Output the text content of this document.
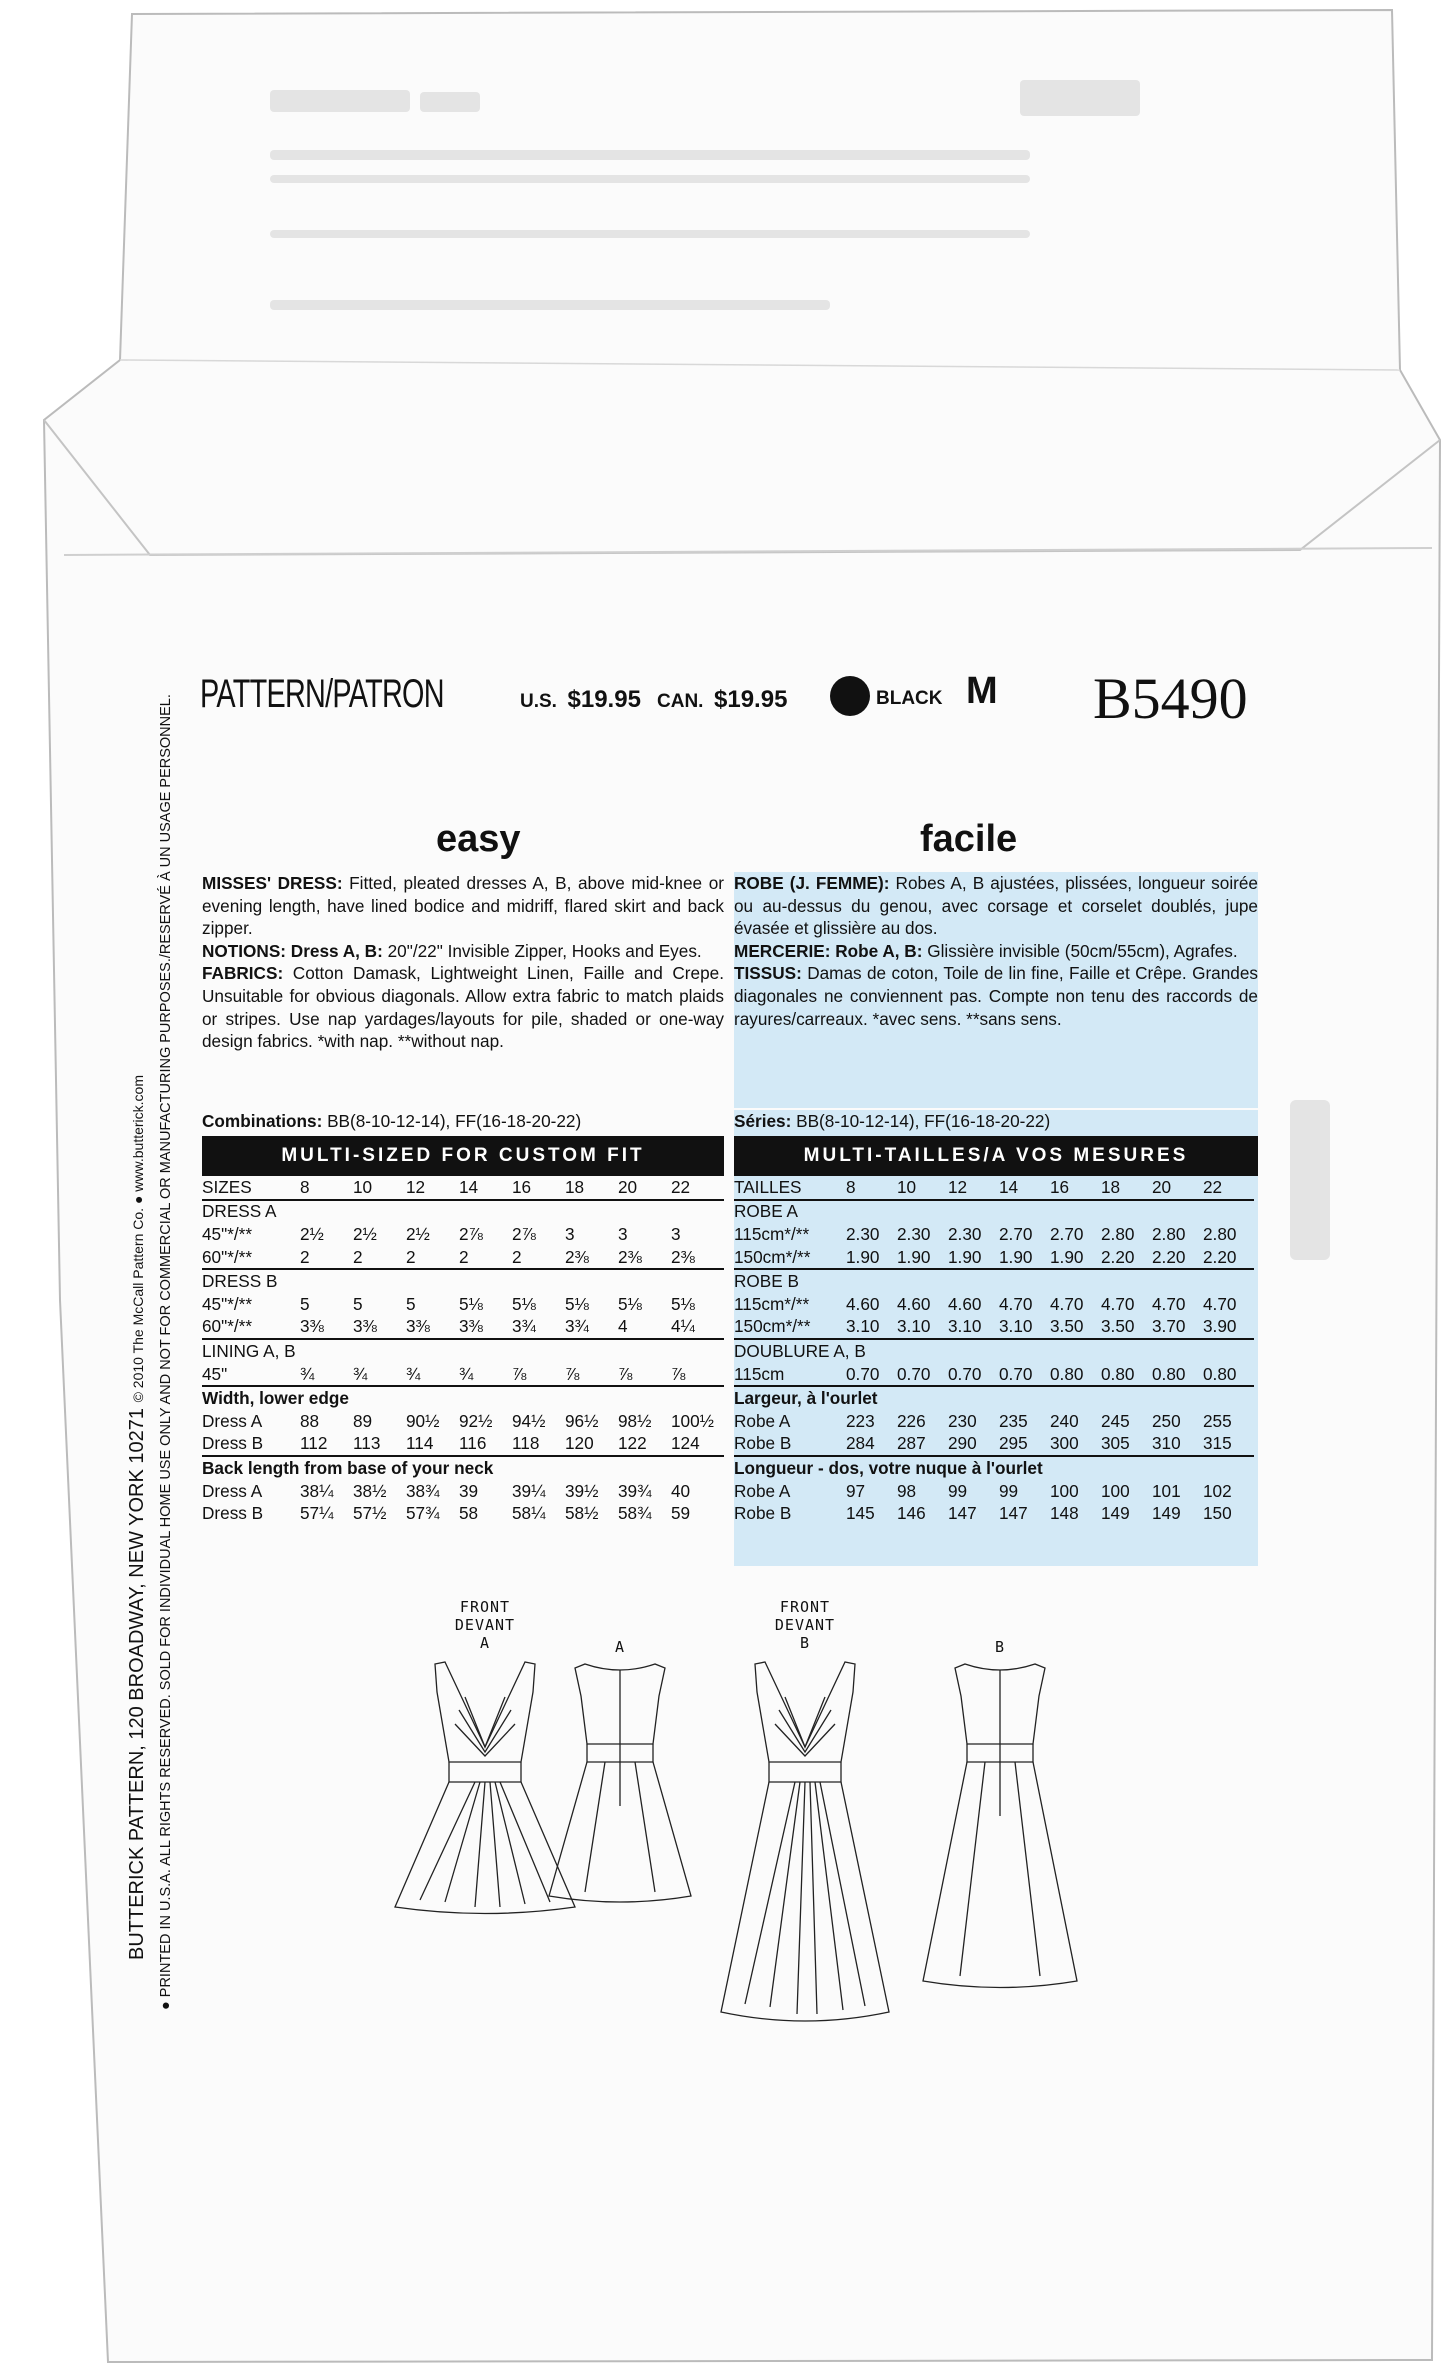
PATTERN/PATRON	U.S. $19.95 CAN. $19.95	BLACK M B5490
BUTTERICK PATTERN, 120 BROADWAY, NEW YORK 10271 © 2010 The McCall Pattern Co. ● www.butterick.com ● PRINTED IN U.S.A. ALL RIGHTS RESERVED. SOLD FOR INDIVIDUAL HOME USE ONLY AND NOT FOR COMMERCIAL OR MANUFACTURING PURPOSES./RESERVÉ À UN USAGE PERSONNEL.	easy	facile

MISSES' DRESS: Fitted, pleated dresses A, B, above mid-knee or evening length, have lined bodice and midriff, flared skirt and back zipper.

NOTIONS: Dress A, B: 20"/22" Invisible Zipper, Hooks and Eyes.

FABRICS: Cotton Damask, Lightweight Linen, Faille and Crepe. Unsuitable for obvious diagonals. Allow extra fabric to match plaids or stripes. Use nap yardages/layouts for pile, shaded or one-way design fabrics. *with nap. **without nap.

ROBE (J. FEMME): Robes A, B ajustées, plissées, longueur soirée ou au-dessus du genou, avec corsage et corselet doublés, jupe évasée et glissière au dos.

MERCERIE: Robe A, B: Glissière invisible (50cm/55cm), Agrafes.

TISSUS: Damas de coton, Toile de lin fine, Faille et Crêpe. Grandes diagonales ne conviennent pas. Compte non tenu des raccords de rayures/carreaux. *avec sens. **sans sens.

Combinations: BB(8-10-12-14), FF(16-18-20-22)
MULTI-SIZED FOR CUSTOM FIT
SIZES	8	10	12	14	16	18	20	22
DRESS A								
45"*/**	2½	2½	2½	2⅞	2⅞	3	3	3
60"*/**	2	2	2	2	2	2⅜	2⅜	2⅜
DRESS B								
45"*/**	5	5	5	5⅛	5⅛	5⅛	5⅛	5⅛
60"*/**	3⅜	3⅜	3⅜	3⅜	3¾	3¾	4	4¼
LINING A, B								
45"	¾	¾	¾	¾	⅞	⅞	⅞	⅞
Width, lower edge								
Dress A	88	89	90½	92½	94½	96½	98½	100½
Dress B	112	113	114	116	118	120	122	124
Back length from base of your neck								
Dress A	38¼	38½	38¾	39	39¼	39½	39¾	40
Dress B	57¼	57½	57¾	58	58¼	58½	58¾	59
Séries: BB(8-10-12-14), FF(16-18-20-22)
MULTI-TAILLES/A VOS MESURES
TAILLES	8	10	12	14	16	18	20	22
ROBE A								
115cm*/**	2.30	2.30	2.30	2.70	2.70	2.80	2.80	2.80
150cm*/**	1.90	1.90	1.90	1.90	1.90	2.20	2.20	2.20
ROBE B								
115cm*/**	4.60	4.60	4.60	4.70	4.70	4.70	4.70	4.70
150cm*/**	3.10	3.10	3.10	3.10	3.50	3.50	3.70	3.90
DOUBLURE A, B								
115cm	0.70	0.70	0.70	0.70	0.80	0.80	0.80	0.80
Largeur, à l'ourlet								
Robe A	223	226	230	235	240	245	250	255
Robe B	284	287	290	295	300	305	310	315
Longueur - dos, votre nuque à l'ourlet								
Robe A	97	98	99	99	100	100	101	102
Robe B	145	146	147	147	148	149	149	150
FRONT
DEVANT
A	A
FRONT
DEVANT
B	B
